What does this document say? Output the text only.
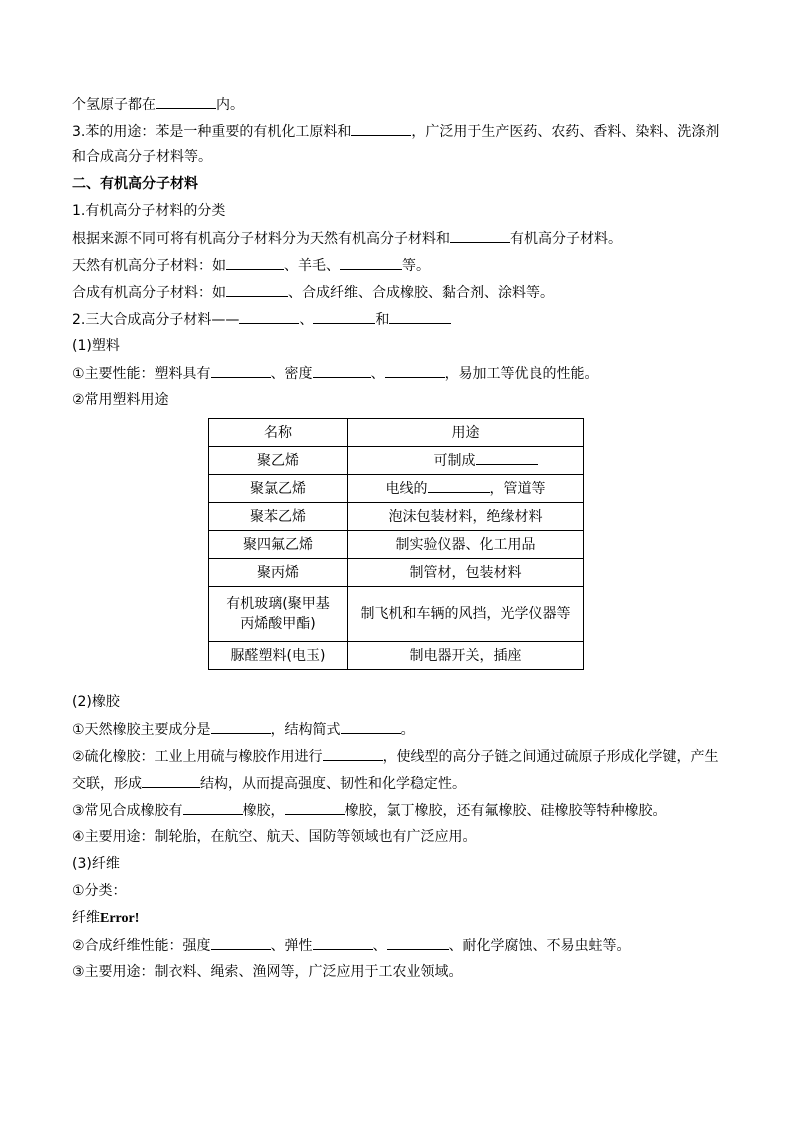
个氢原子都在	内。
3.苯的用途：苯是一种重要的有机化工原料和	，广泛用于生产医药、农药、香料、染料、洗涤剂
和合成高分子材料等。
二、有机高分子材料
1.有机高分子材料的分类
根据来源不同可将有机高分子材料分为天然有机高分子材料和	有机高分子材料。
天然有机高分子材料：如	、羊毛、	等。
合成有机高分子材料：如	、合成纤维、合成橡胶、黏合剂、涂料等。
2.三大合成高分子材料——	、	和
(1)塑料
①主要性能：塑料具有	、密度	、	，易加工等优良的性能。
②常用塑料用途
名称	用途
聚乙烯	可制成
聚氯乙烯	电线的 ，管道等
聚苯乙烯	泡沫包装材料，绝缘材料
聚四氟乙烯	制实验仪器、化工用品
聚丙烯	制管材，包装材料

有机玻璃(聚甲基
丙烯酸甲酯)	制飞机和车辆的风挡，光学仪器等
脲醛塑料(电玉)	制电器开关，插座
(2)橡胶
①天然橡胶主要成分是	，结构简式	。
②硫化橡胶：工业上用硫与橡胶作用进行	，使线型的高分子链之间通过硫原子形成化学键，产生
交联，形成	结构，从而提高强度、韧性和化学稳定性。
③常见合成橡胶有	橡胶，	橡胶，氯丁橡胶，还有氟橡胶、硅橡胶等特种橡胶。
④主要用途：制轮胎，在航空、航天、国防等领域也有广泛应用。
(3)纤维
①分类：
纤维Error!
②合成纤维性能：强度	、弹性	、	、耐化学腐蚀、不易虫蛀等。
③主要用途：制衣料、绳索、渔网等，广泛应用于工农业领域。
